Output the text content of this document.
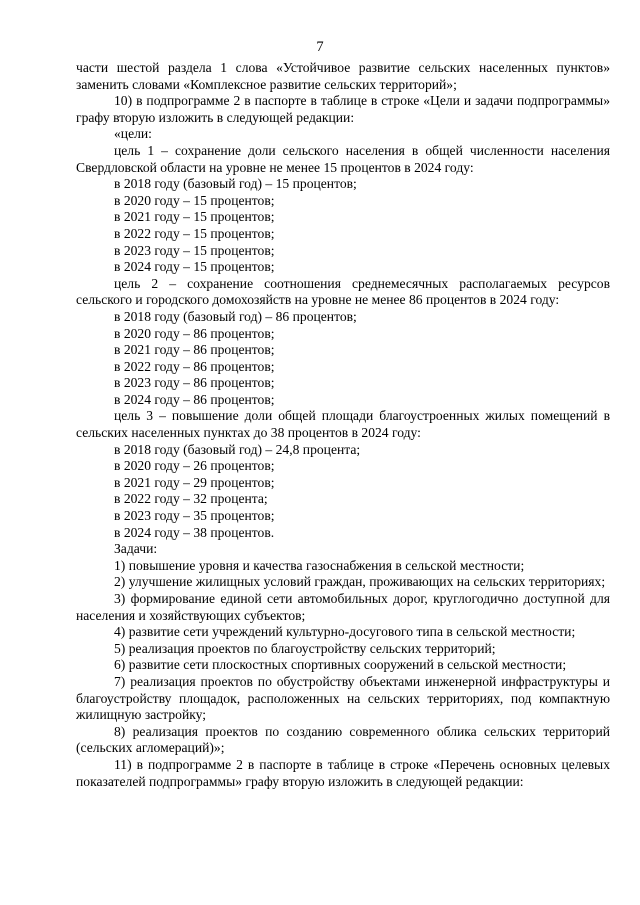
7

части шестой раздела 1 слова «Устойчивое развитие сельских населенных пунктов» заменить словами «Комплексное развитие сельских территорий»;

10) в подпрограмме 2 в паспорте в таблице в строке «Цели и задачи подпрограммы» графу вторую изложить в следующей редакции:

«цели:

цель 1 – сохранение доли сельского населения в общей численности населения Свердловской области на уровне не менее 15 процентов в 2024 году:

в 2018 году (базовый год) – 15 процентов;

в 2020 году – 15 процентов;

в 2021 году – 15 процентов;

в 2022 году – 15 процентов;

в 2023 году – 15 процентов;

в 2024 году – 15 процентов;

цель 2 – сохранение соотношения среднемесячных располагаемых ресурсов сельского и городского домохозяйств на уровне не менее 86 процентов в 2024 году:

в 2018 году (базовый год) – 86 процентов;

в 2020 году – 86 процентов;

в 2021 году – 86 процентов;

в 2022 году – 86 процентов;

в 2023 году – 86 процентов;

в 2024 году – 86 процентов;

цель 3 – повышение доли общей площади благоустроенных жилых помещений в сельских населенных пунктах до 38 процентов в 2024 году:

в 2018 году (базовый год) – 24,8 процента;

в 2020 году – 26 процентов;

в 2021 году – 29 процентов;

в 2022 году – 32 процента;

в 2023 году – 35 процентов;

в 2024 году – 38 процентов.

Задачи:

1) повышение уровня и качества газоснабжения в сельской местности;

2) улучшение жилищных условий граждан, проживающих на сельских территориях;

3) формирование единой сети автомобильных дорог, круглогодично доступной для населения и хозяйствующих субъектов;

4) развитие сети учреждений культурно-досугового типа в сельской местности;

5) реализация проектов по благоустройству сельских территорий;

6) развитие сети плоскостных спортивных сооружений в сельской местности;

7) реализация проектов по обустройству объектами инженерной инфраструктуры и благоустройству площадок, расположенных на сельских территориях, под компактную жилищную застройку;

8) реализация проектов по созданию современного облика сельских территорий (сельских агломераций)»;

11) в подпрограмме 2 в паспорте в таблице в строке «Перечень основных целевых показателей подпрограммы» графу вторую изложить в следующей редакции:
